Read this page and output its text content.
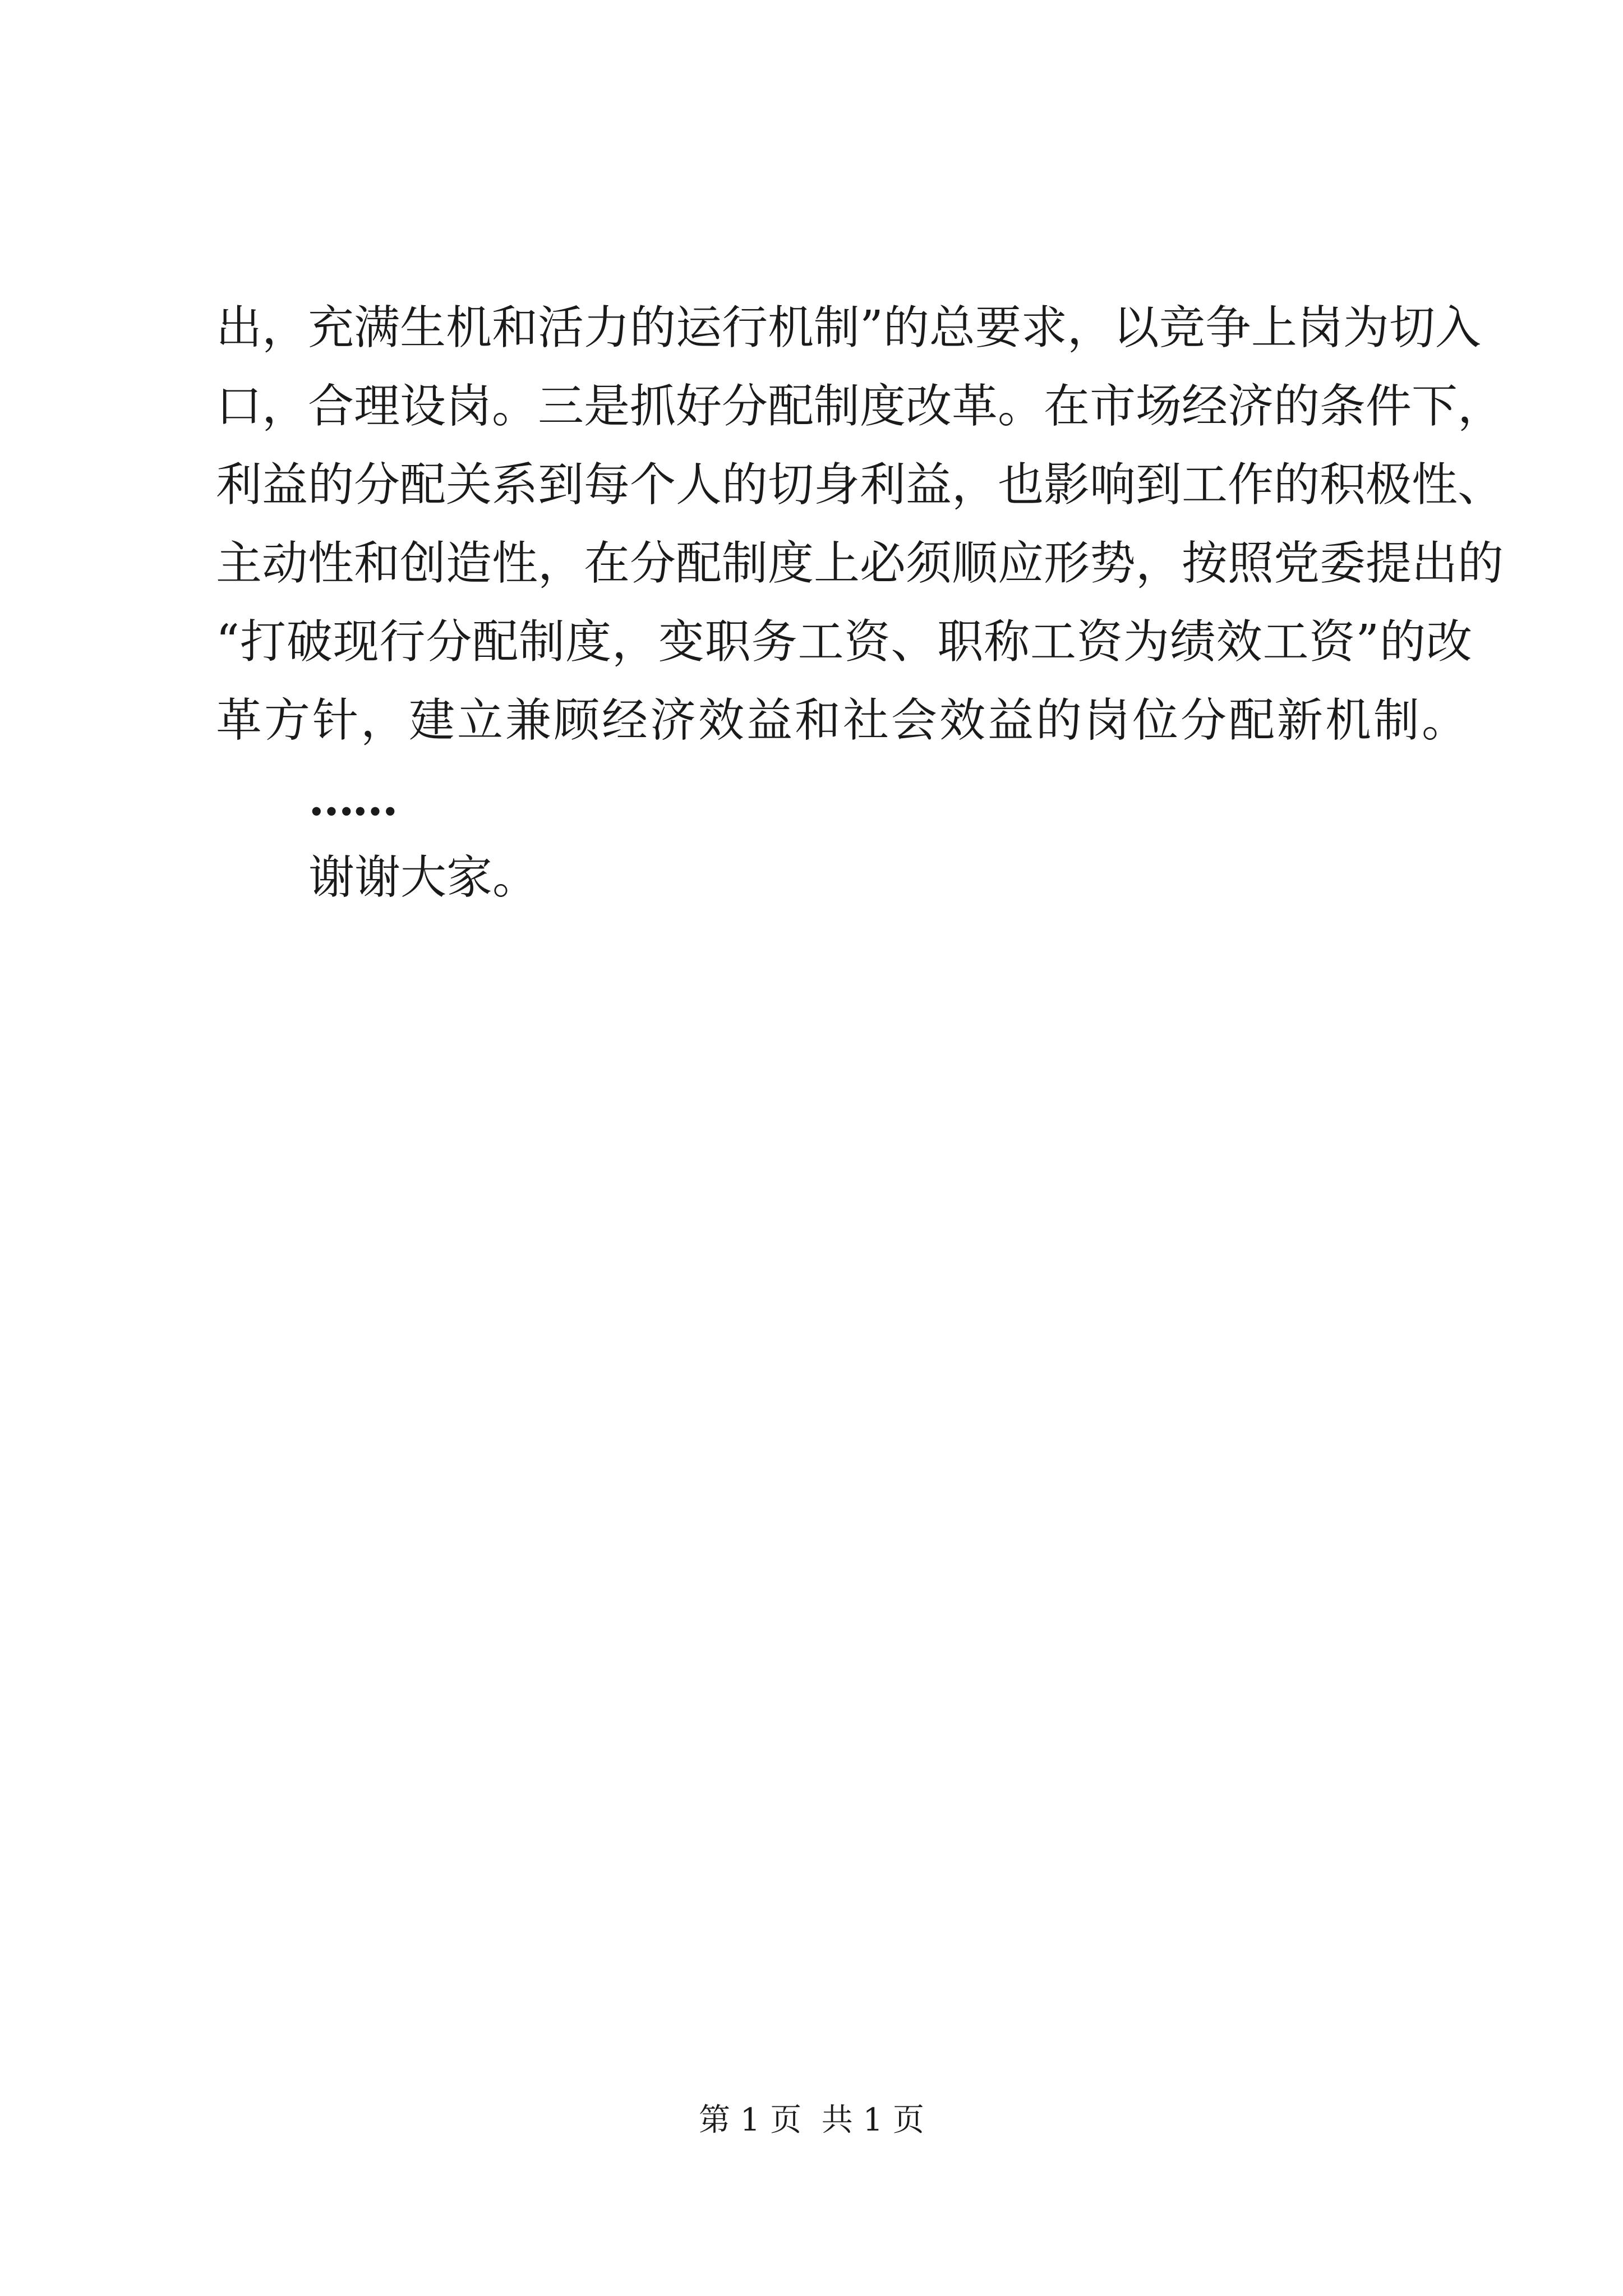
出，充满生机和活力的运行机制”的总要求，以竞争上岗为切入
口，合理设岗。三是抓好分配制度改革。在市场经济的条件下，
利益的分配关系到每个人的切身利益，也影响到工作的积极性、
主动性和创造性，在分配制度上必须顺应形势，按照党委提出的
“打破现行分配制度，变职务工资、职称工资为绩效工资”的改
革方针，建立兼顾经济效益和社会效益的岗位分配新机制。
……
谢谢大家。
第 1 页  共 1 页
